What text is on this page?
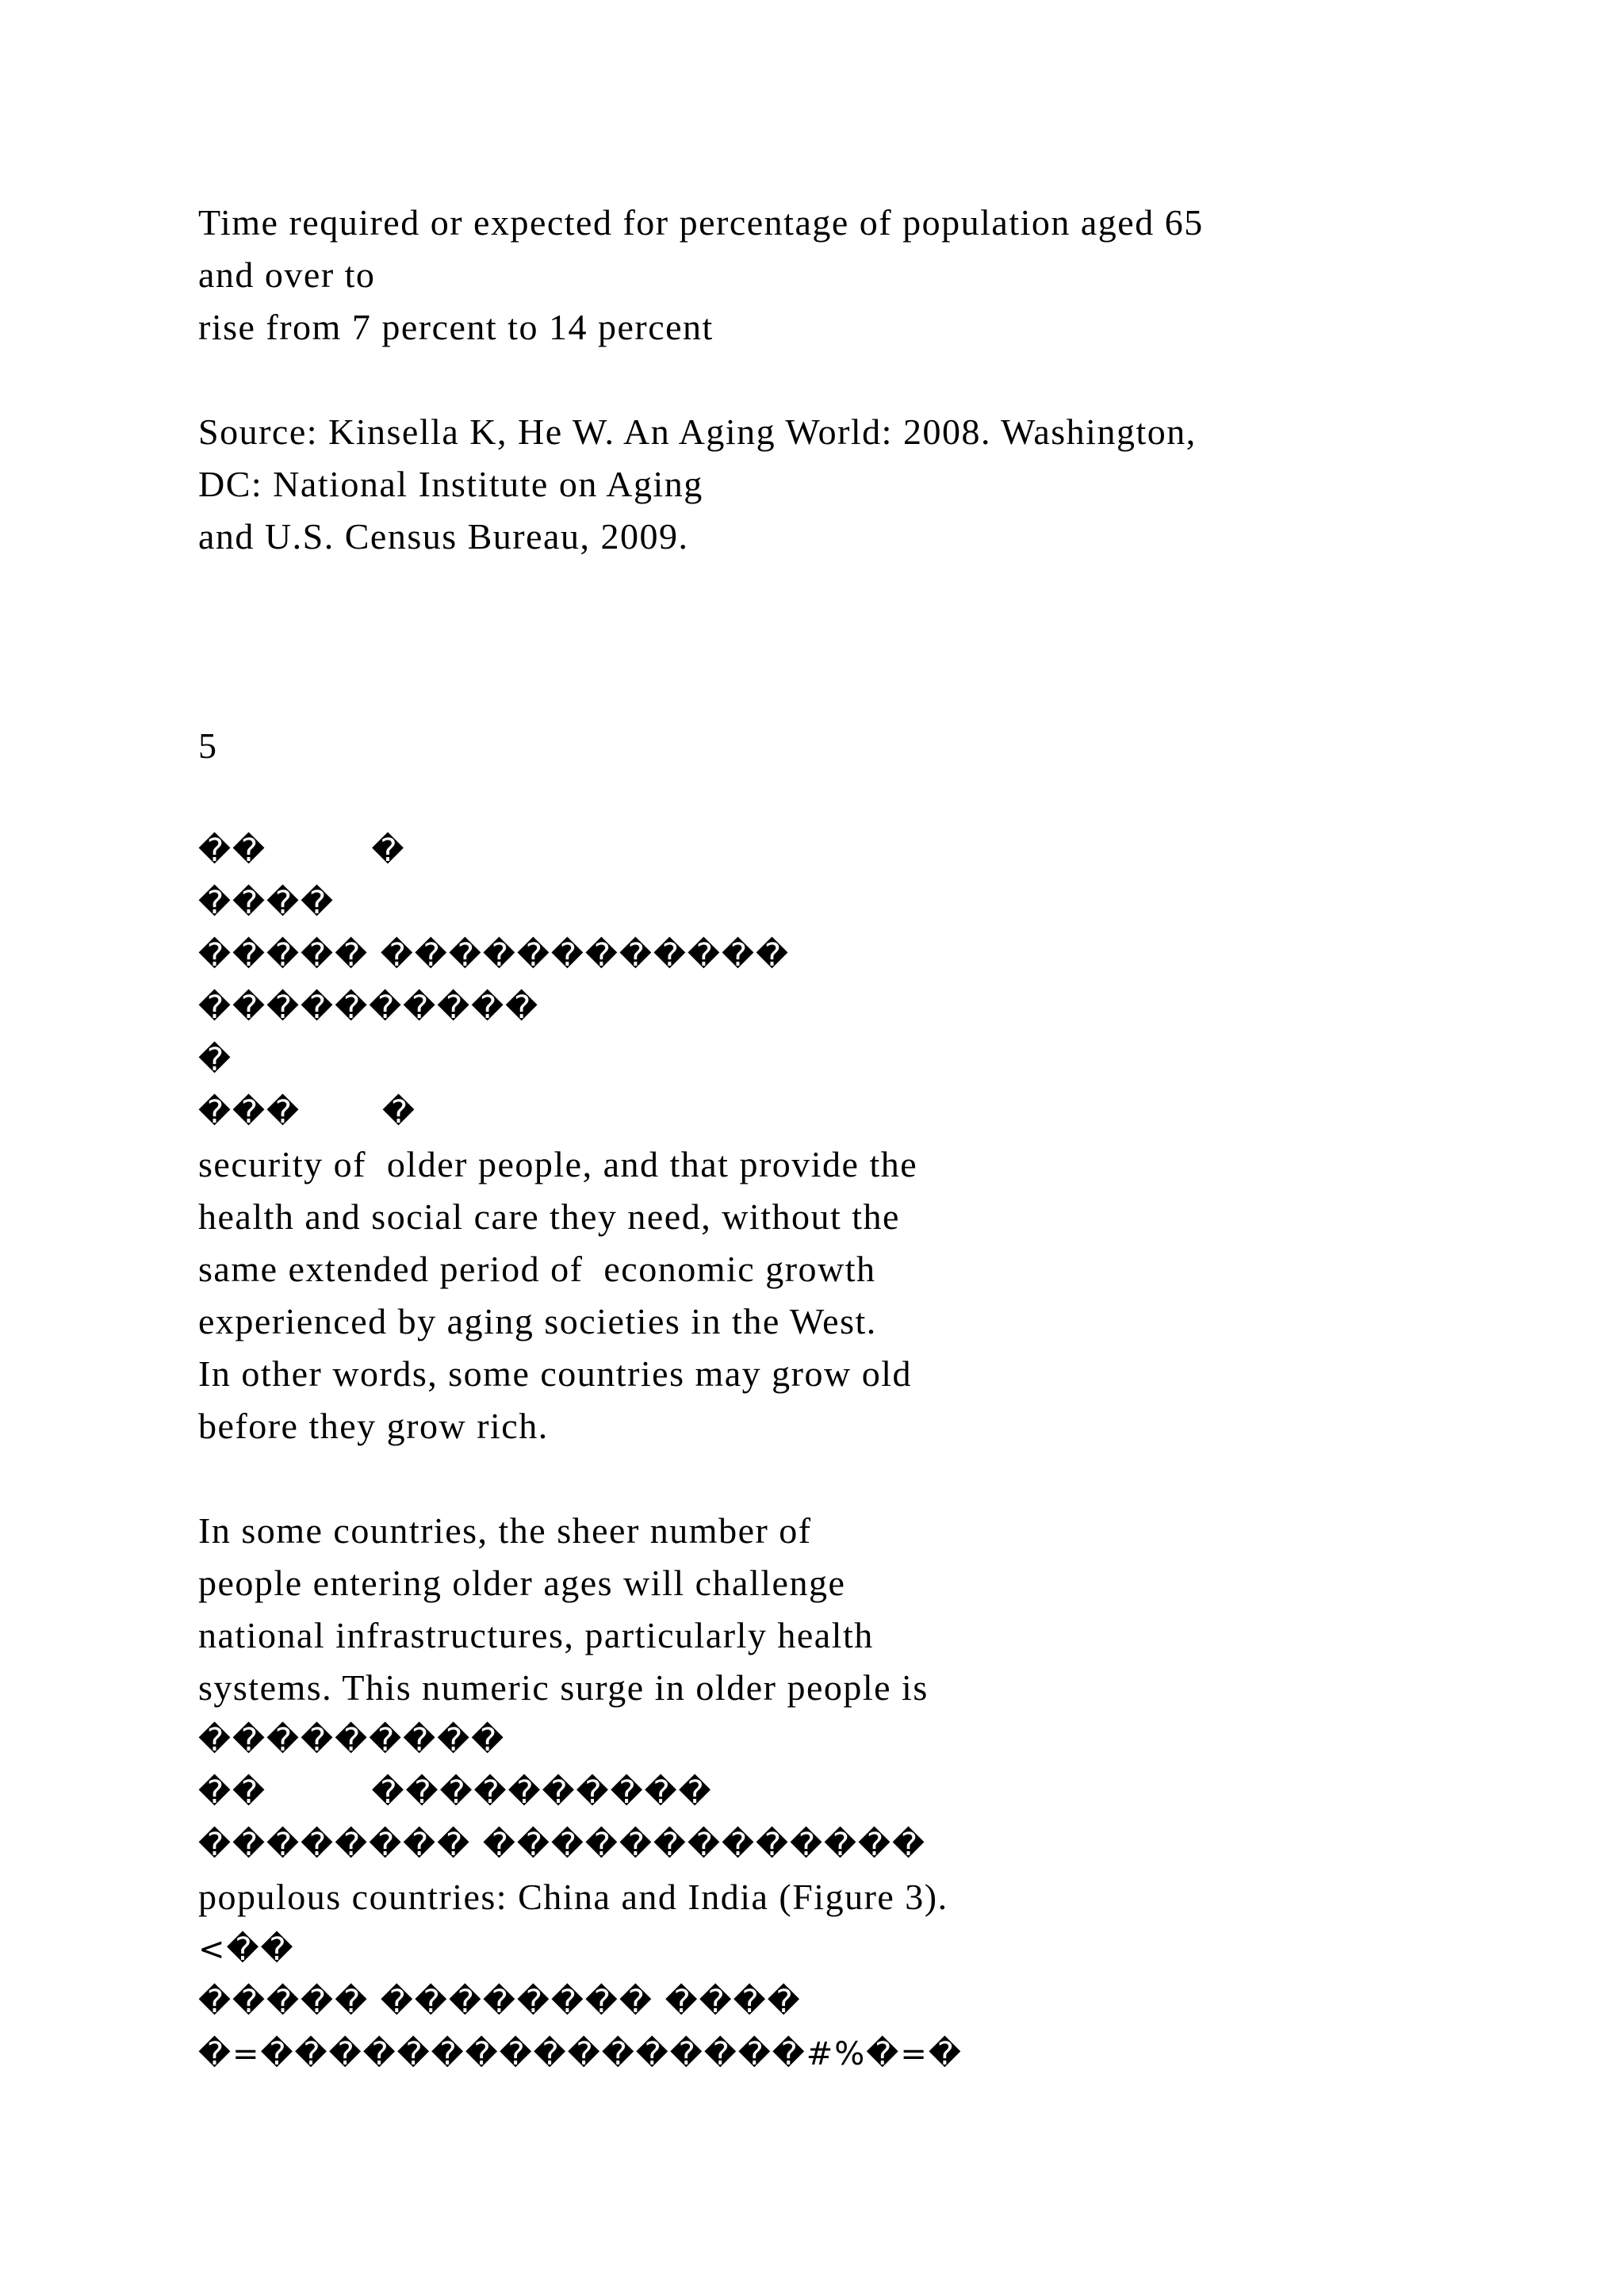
Time required or expected for percentage of population aged 65
and over to
rise from 7 percent to 14 percent
Source: Kinsella K, He W. An Aging World: 2008. Washington,
DC: National Institute on Aging
and U.S. Census Bureau, 2009.
5
��         �
����
����� ������������
����������
�
���       �
security of  older people, and that provide the
health and social care they need, without the
same extended period of  economic growth
experienced by aging societies in the West.
In other words, some countries may grow old
before they grow rich.
In some countries, the sheer number of
people entering older ages will challenge
national infrastructures, particularly health
systems. This numeric surge in older people is
���������
��         ����������
�������� �������������
populous countries: China and India (Figure 3).
<��
����� �������� ����
�=����������������#%�=�
